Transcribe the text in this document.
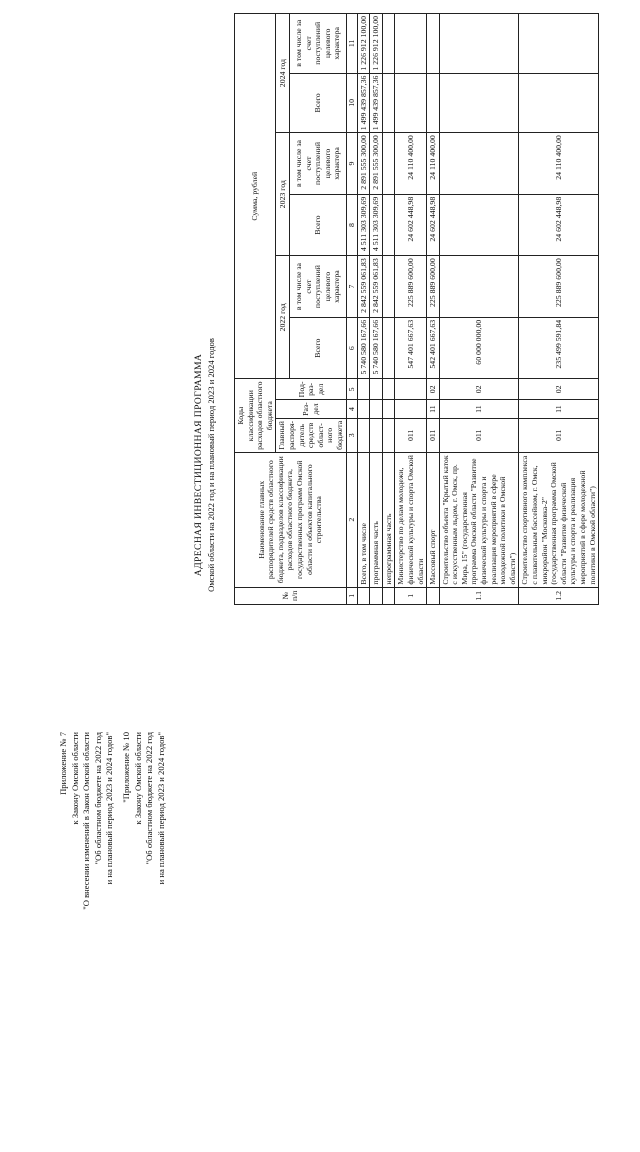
Приложение № 7 к Закону Омской области "О внесении изменений в Закон Омской области "Об областном бюджете на 2022 год и на плановый период 2023 и 2024 годов" "Приложение № 10 к Закону Омской области "Об областном бюджете на 2022 год и на плановый период 2023 и 2024 годов"
АДРЕСНАЯ ИНВЕСТИЦИОННАЯ ПРОГРАММА Омской области на 2022 год и на плановый период 2023 и 2024 годов
№ п/п	Наименование главных распорядителей средств областного бюджета, подразделов классификации расходов областного бюджета, государственных программ Омской области и объектов капитального строительства	Коды классификации расходов областного бюджета			Сумма, рублей					
		Главный распоря-дитель средств област-ного бюджета	Раз-дел	Под-раз-дел	2022 год		2023 год		2024 год	
					Всего	в том числе за счет поступлений целевого характера	Всего	в том числе за счет поступлений целевого характера	Всего	в том числе за счет поступлений целевого характера
1	2	3	4	5	6	7	8	9	10	11
	Всего, в том числе				5 740 580 167,66	2 842 559 061,83	4 511 303 309,69	2 891 555 300,00	1 499 439 857,36	1 226 912 100,00
	программная часть				5 740 580 167,66	2 842 559 061,83	4 511 303 309,69	2 891 555 300,00	1 499 439 857,36	1 226 912 100,00
	непрограммная часть									
1	Министерство по делам молодежи, физической культуры и спорта Омской области	011			547 401 667,63	225 889 600,00	24 602 448,98	24 110 400,00		
	Массовый спорт	011	11	02	542 401 667,63	225 889 600,00	24 602 448,98	24 110 400,00		
1.1	Строительство объекта "Крытый каток с искусственным льдом, г. Омск, пр. Мира, 15" (государственная программа Омской области "Развитие физической культуры и спорта и реализация мероприятий в сфере молодежной политики в Омской области")	011	11	02	60 000 000,00					
1.2	Строительство спортивного комплекса с плавательным бассейном, г. Омск, микрорайон "Московка-2" (государственная программа Омской области "Развитие физической культуры и спорта и реализация мероприятий в сфере молодежной политики в Омской области")	011	11	02	235 499 591,84	225 889 600,00	24 602 448,98	24 110 400,00		
